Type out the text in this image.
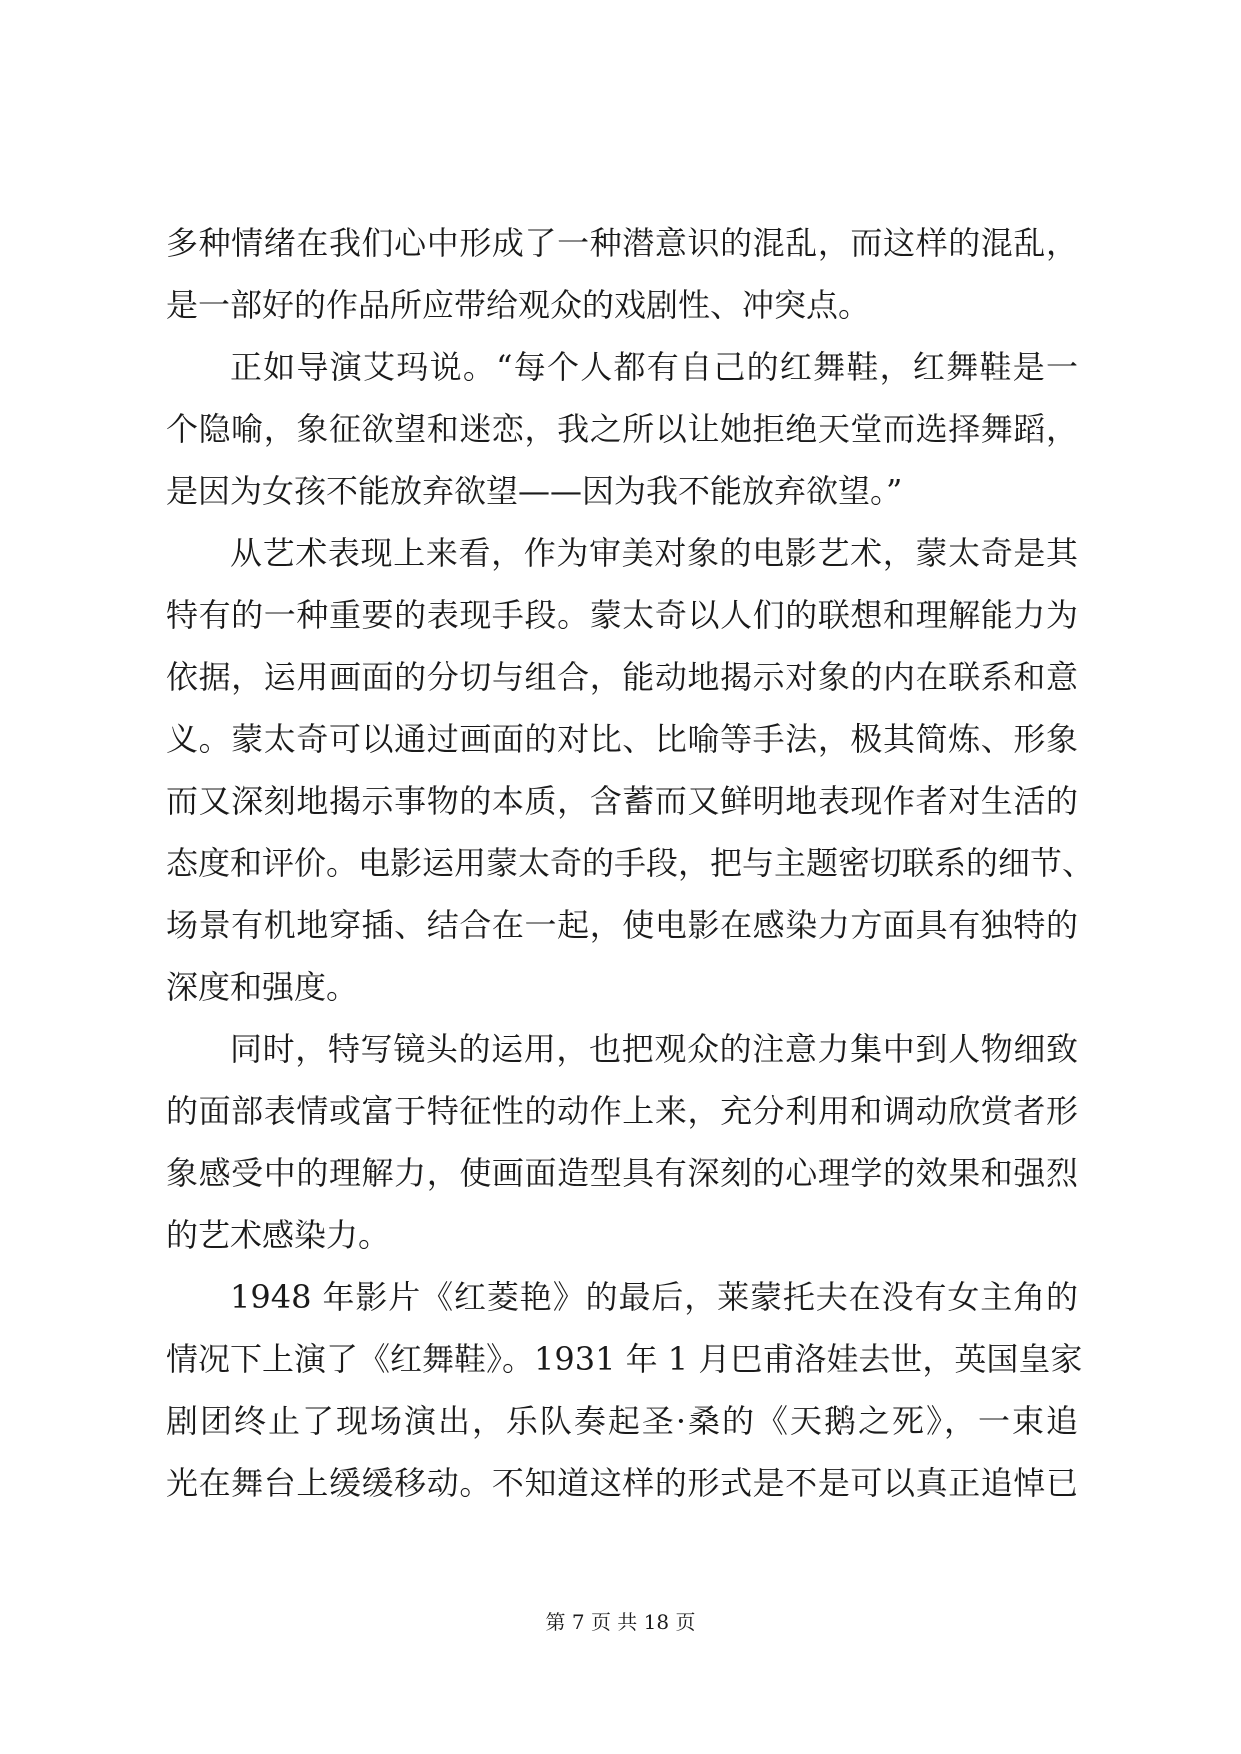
多种情绪在我们心中形成了一种潜意识的混乱，而这样的混乱，
是一部好的作品所应带给观众的戏剧性、冲突点。
正如导演艾玛说。“每个人都有自己的红舞鞋，红舞鞋是一
个隐喻，象征欲望和迷恋，我之所以让她拒绝天堂而选择舞蹈，
是因为女孩不能放弃欲望——因为我不能放弃欲望。”
从艺术表现上来看，作为审美对象的电影艺术，蒙太奇是其
特有的一种重要的表现手段。蒙太奇以人们的联想和理解能力为
依据，运用画面的分切与组合，能动地揭示对象的内在联系和意
义。蒙太奇可以通过画面的对比、比喻等手法，极其简炼、形象
而又深刻地揭示事物的本质，含蓄而又鲜明地表现作者对生活的
态度和评价。电影运用蒙太奇的手段，把与主题密切联系的细节、
场景有机地穿插、结合在一起，使电影在感染力方面具有独特的
深度和强度。
同时，特写镜头的运用，也把观众的注意力集中到人物细致
的面部表情或富于特征性的动作上来，充分利用和调动欣赏者形
象感受中的理解力，使画面造型具有深刻的心理学的效果和强烈
的艺术感染力。
1948 年影片《红菱艳》的最后，莱蒙托夫在没有女主角的
情况下上演了《红舞鞋》。1931 年 1 月巴甫洛娃去世，英国皇家
剧团终止了现场演出，乐队奏起圣·桑的《天鹅之死》，一束追
光在舞台上缓缓移动。不知道这样的形式是不是可以真正追悼已
第 7 页 共 18 页
